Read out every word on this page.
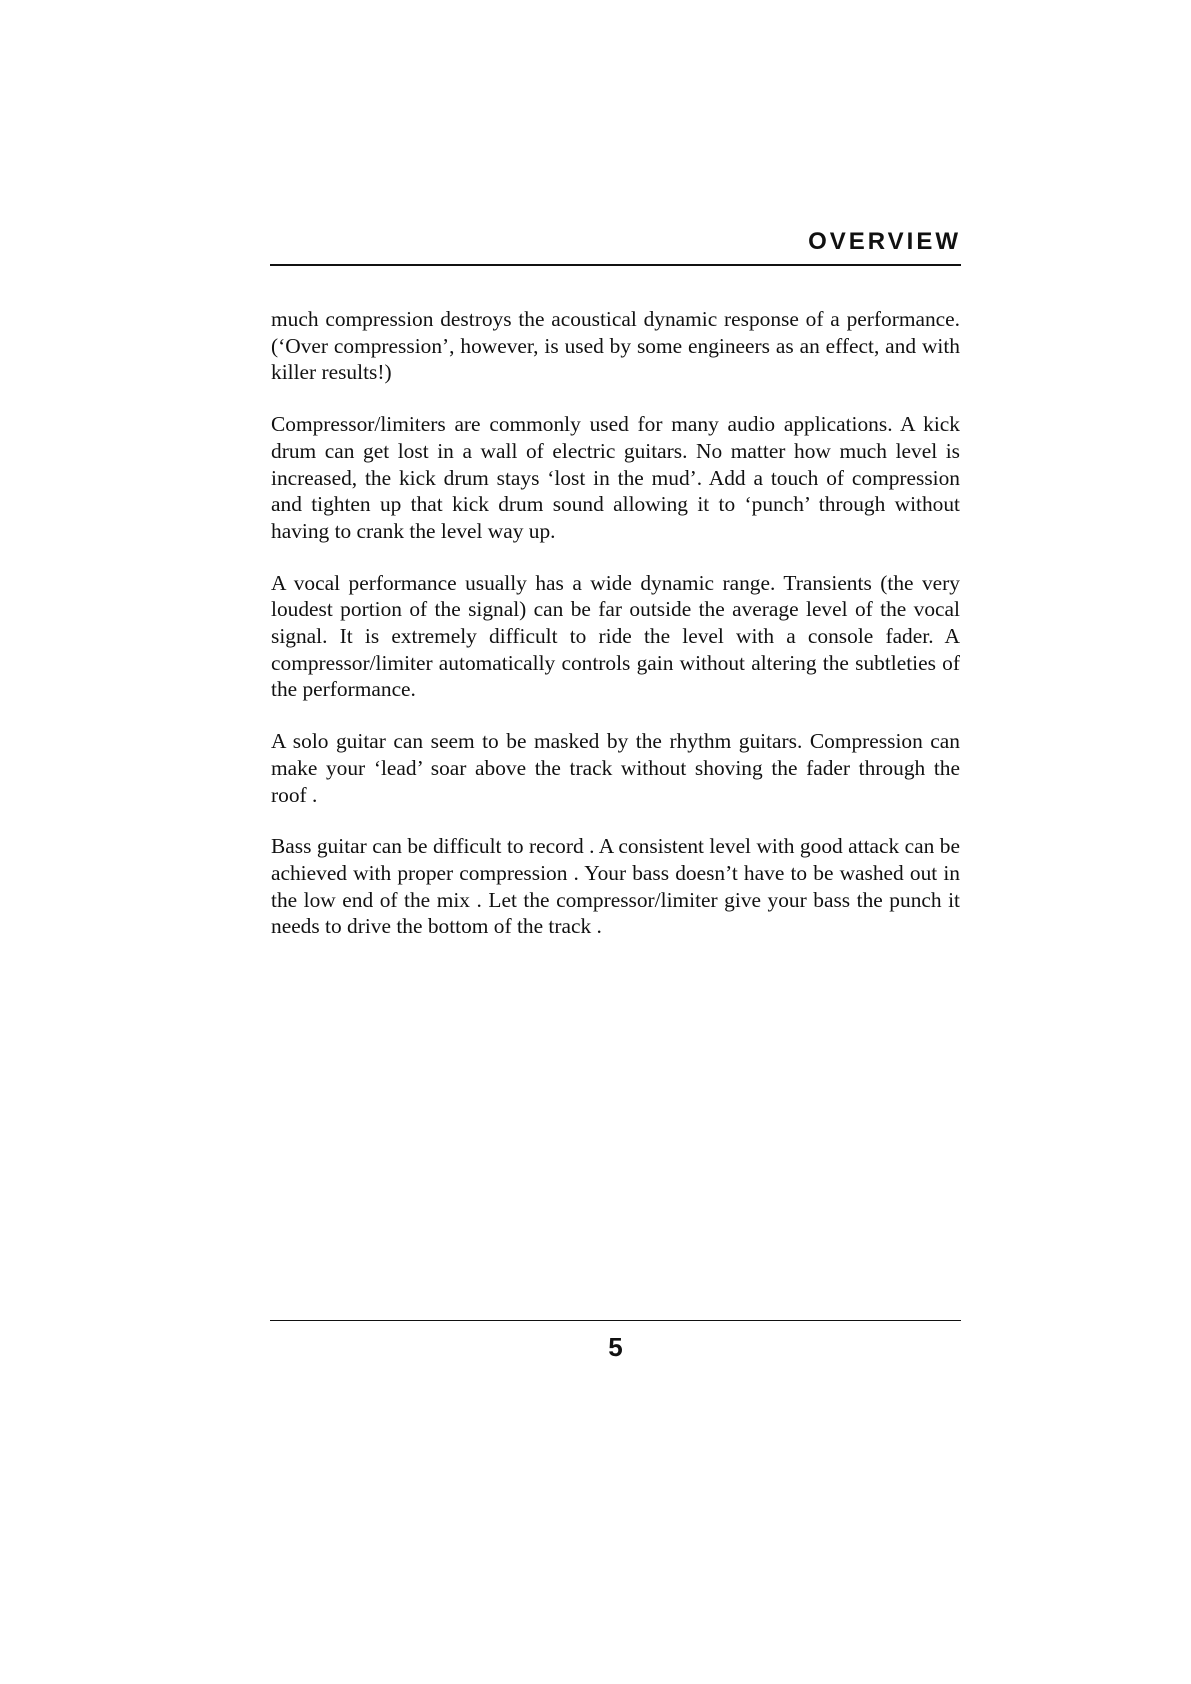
OVERVIEW

much compression destroys the acoustical dynamic response of a performance. (‘Over compression’, however, is used by some engineers as an effect, and with killer results!)

Compressor/limiters are commonly used for many audio applications. A kick drum can get lost in a wall of electric guitars. No matter how much level is increased, the kick drum stays ‘lost in the mud’. Add a touch of compression and tighten up that kick drum sound allowing it to ‘punch’ through without having to crank the level way up.

A vocal performance usually has a wide dynamic range. Transients (the very loudest portion of the signal) can be far outside the average level of the vocal signal. It is extremely difficult to ride the level with a console fader. A compressor/limiter automatically controls gain without altering the subtleties of the performance.

A solo guitar can seem to be masked by the rhythm guitars. Compression can make your ‘lead’ soar above the track without shoving the fader through the roof .

Bass guitar can be difficult to record . A consistent level with good attack can be achieved with proper compression . Your bass doesn’t have to be washed out in the low end of the mix . Let the compressor/limiter give your bass the punch it needs to drive the bottom of the track .

5
